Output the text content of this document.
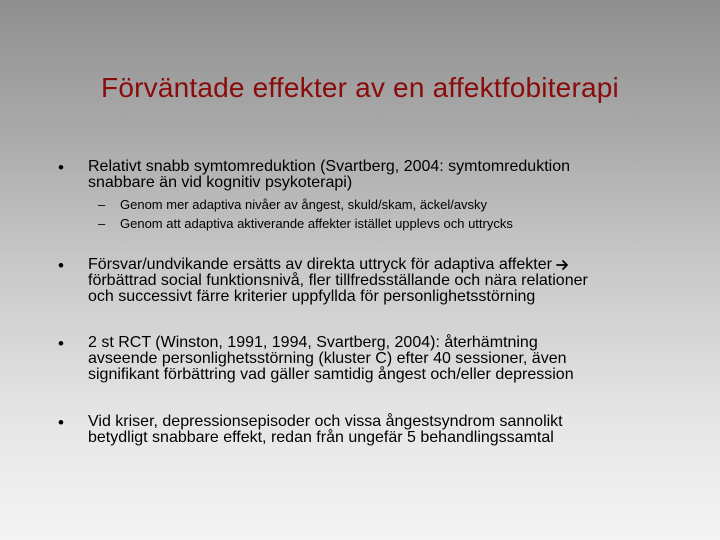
Förväntade effekter av en affektfobiterapi
• Relativt snabb symtomreduktion (Svartberg, 2004: symtomreduktion
snabbare än vid kognitiv psykoterapi)

– Genom mer adaptiva nivåer av ångest, skuld/skam, äckel/avsky

– Genom att adaptiva aktiverande affekter istället upplevs och uttrycks

• Försvar/undvikande ersätts av direkta uttryck för adaptiva affekter
förbättrad social funktionsnivå, fler tillfredsställande och nära relationer
och successivt färre kriterier uppfyllda för personlighetsstörning

• 2 st RCT (Winston, 1991, 1994, Svartberg, 2004): återhämtning
avseende personlighetsstörning (kluster C) efter 40 sessioner, även
signifikant förbättring vad gäller samtidig ångest och/eller depression

• Vid kriser, depressionsepisoder och vissa ångestsyndrom sannolikt
betydligt snabbare effekt, redan från ungefär 5 behandlingssamtal
